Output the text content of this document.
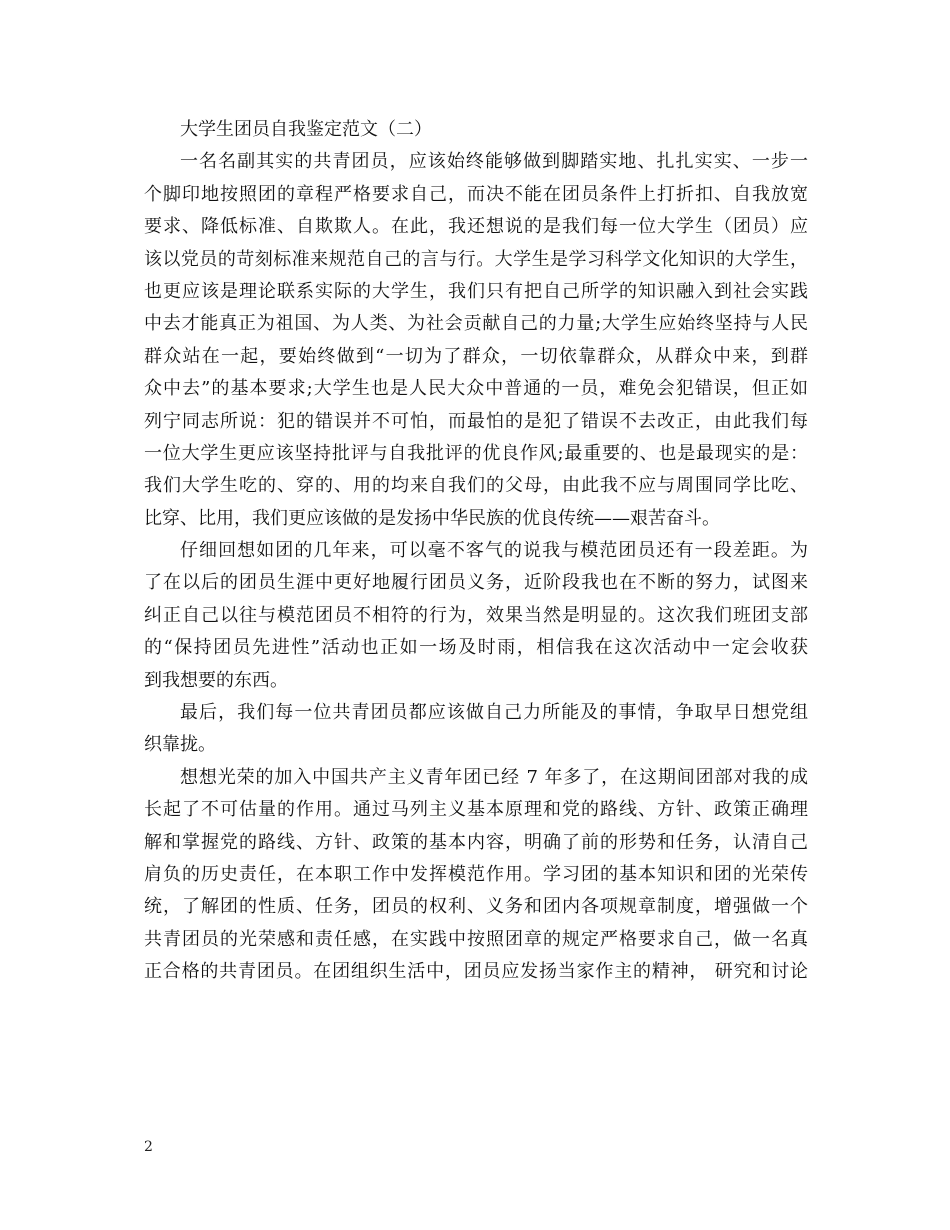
大学生团员自我鉴定范文（二）
一名名副其实的共青团员，应该始终能够做到脚踏实地、扎扎实实、一步一
个脚印地按照团的章程严格要求自己，而决不能在团员条件上打折扣、自我放宽
要求、降低标准、自欺欺人。在此，我还想说的是我们每一位大学生（团员）应
该以党员的苛刻标准来规范自己的言与行。大学生是学习科学文化知识的大学生，
也更应该是理论联系实际的大学生，我们只有把自己所学的知识融入到社会实践
中去才能真正为祖国、为人类、为社会贡献自己的力量;大学生应始终坚持与人民
群众站在一起，要始终做到“一切为了群众，一切依靠群众，从群众中来，到群
众中去”的基本要求;大学生也是人民大众中普通的一员，难免会犯错误，但正如
列宁同志所说：犯的错误并不可怕，而最怕的是犯了错误不去改正，由此我们每
一位大学生更应该坚持批评与自我批评的优良作风;最重要的、也是最现实的是：
我们大学生吃的、穿的、用的均来自我们的父母，由此我不应与周围同学比吃、
比穿、比用，我们更应该做的是发扬中华民族的优良传统——艰苦奋斗。
仔细回想如团的几年来，可以毫不客气的说我与模范团员还有一段差距。为
了在以后的团员生涯中更好地履行团员义务，近阶段我也在不断的努力，试图来
纠正自己以往与模范团员不相符的行为，效果当然是明显的。这次我们班团支部
的“保持团员先进性”活动也正如一场及时雨，相信我在这次活动中一定会收获
到我想要的东西。
最后，我们每一位共青团员都应该做自己力所能及的事情，争取早日想党组
织靠拢。
想想光荣的加入中国共产主义青年团已经 7 年多了，在这期间团部对我的成
长起了不可估量的作用。通过马列主义基本原理和党的路线、方针、政策正确理
解和掌握党的路线、方针、政策的基本内容，明确了前的形势和任务，认清自己
肩负的历史责任，在本职工作中发挥模范作用。学习团的基本知识和团的光荣传
统，了解团的性质、任务，团员的权利、义务和团内各项规章制度，增强做一个
共青团员的光荣感和责任感，在实践中按照团章的规定严格要求自己，做一名真
正合格的共青团员。在团组织生活中，团员应发扬当家作主的精神， 研究和讨论
2
